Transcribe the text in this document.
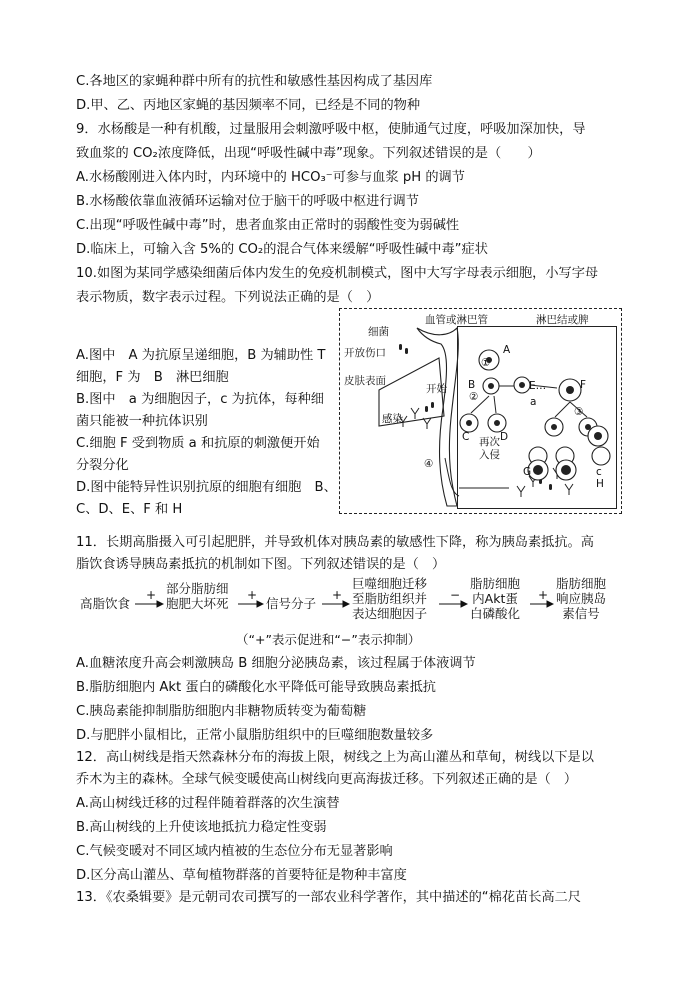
C.各地区的家蝇种群中所有的抗性和敏感性基因构成了基因库
D.甲、乙、丙地区家蝇的基因频率不同，已经是不同的物种
9．水杨酸是一种有机酸，过量服用会刺激呼吸中枢，使肺通气过度，呼吸加深加快，导
致血浆的 CO₂浓度降低，出现“呼吸性碱中毒”现象。下列叙述错误的是（　　）
A.水杨酸刚进入体内时，内环境中的 HCO₃⁻可参与血浆 pH 的调节
B.水杨酸依靠血液循环运输对位于脑干的呼吸中枢进行调节
C.出现“呼吸性碱中毒”时，患者血浆由正常时的弱酸性变为弱碱性
D.临床上，可输入含 5%的 CO₂的混合气体来缓解“呼吸性碱中毒”症状
10.如图为某同学感染细菌后体内发生的免疫机制模式，图中大写字母表示细胞，小写字母
表示物质，数字表示过程。下列说法正确的是（　）
A.图中　A 为抗原呈递细胞，B 为辅助性 T
细胞，F 为　B　淋巴细胞
B.图中　a 为细胞因子，c 为抗体，每种细
菌只能被一种抗体识别
C.细胞 F 受到物质 a 和抗原的刺激便开始
分裂分化
D.图中能特异性识别抗原的细胞有细胞　B、
C、D、E、F 和 H
血管或淋巴管	淋巴结或脾
细菌
开放伤口
皮肤表面
开始
感染
再次
入侵
A
B
C	D
E…	F
G
H
a
c
①
②
③
④
11．长期高脂摄入可引起肥胖，并导致机体对胰岛素的敏感性下降，称为胰岛素抵抗。高
脂饮食诱导胰岛素抵抗的机制如下图。下列叙述错误的是（　）
高脂饮食
部分脂肪细
胞肥大坏死	信号分子
巨噬细胞迁移
至脂肪组织并
表达细胞因子
脂肪细胞
内Akt蛋
白磷酸化
脂肪细胞
响应胰岛
素信号
+	+	+	−	+
（“+”表示促进和“−”表示抑制）
A.血糖浓度升高会刺激胰岛 B 细胞分泌胰岛素，该过程属于体液调节
B.脂肪细胞内 Akt 蛋白的磷酸化水平降低可能导致胰岛素抵抗
C.胰岛素能抑制脂肪细胞内非糖物质转变为葡萄糖
D.与肥胖小鼠相比，正常小鼠脂肪组织中的巨噬细胞数量较多
12．高山树线是指天然森林分布的海拔上限，树线之上为高山灌丛和草甸，树线以下是以
乔木为主的森林。全球气候变暖使高山树线向更高海拔迁移。下列叙述正确的是（　）
A.高山树线迁移的过程伴随着群落的次生演替
B.高山树线的上升使该地抵抗力稳定性变弱
C.气候变暖对不同区域内植被的生态位分布无显著影响
D.区分高山灌丛、草甸植物群落的首要特征是物种丰富度
13．《农桑辑要》是元朝司农司撰写的一部农业科学著作，其中描述的“棉花苗长高二尺
